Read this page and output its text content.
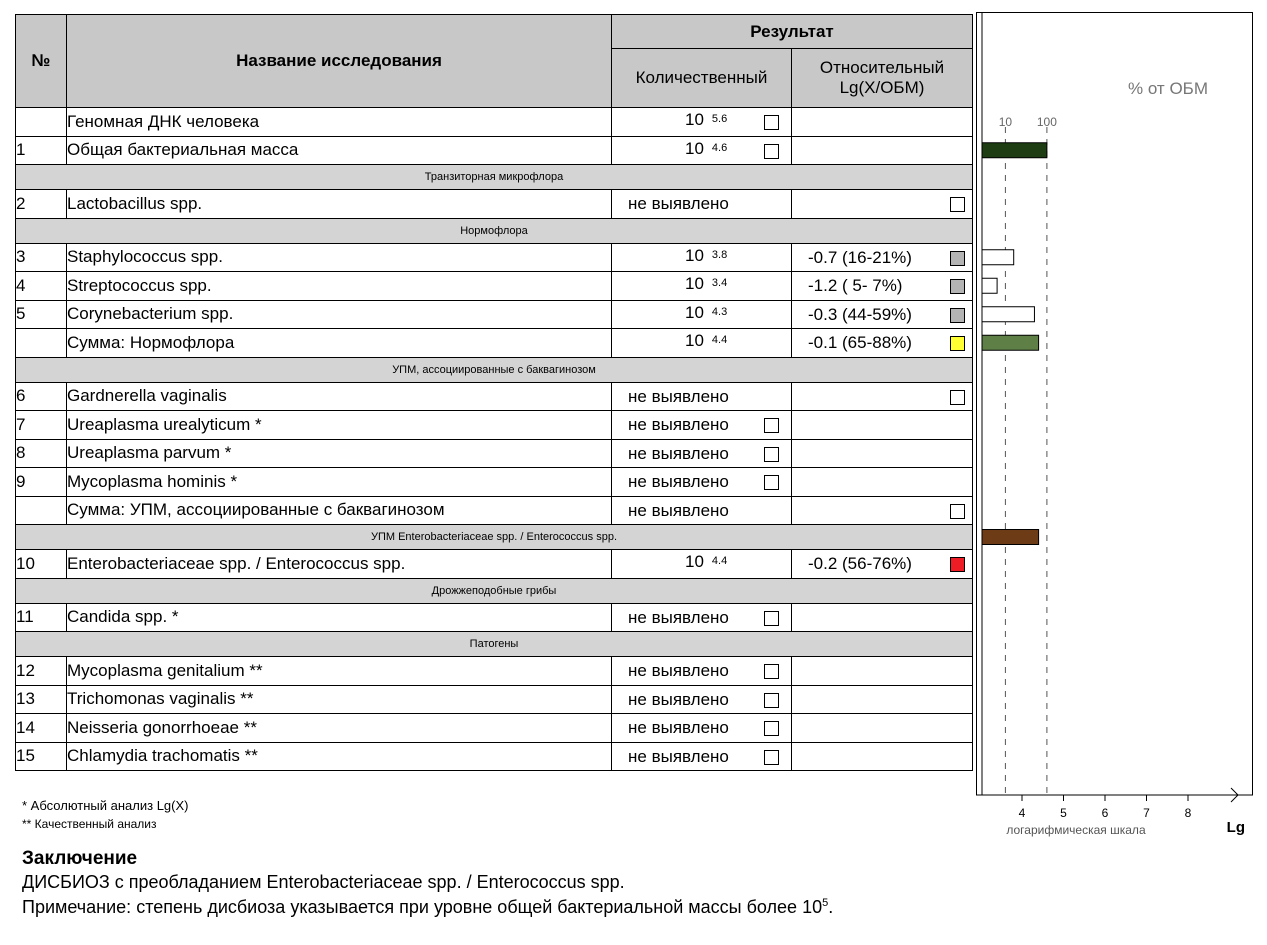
№	Название исследования	Результат	
		Количественный	Относительный
Lg(X/ОБМ)

	Геномная ДНК человека	10 5.6	

1	Общая бактериальная масса	10 4.6	

Транзиторная микрофлора			
2	Lactobacillus spp.	не выявлено	

Нормофлора			
3	Staphylococcus spp.	10 3.8	-0.7 (16-21%)

4	Streptococcus spp.	10 3.4	-1.2 ( 5- 7%)

5	Corynebacterium spp.	10 4.3	-0.3 (44-59%)

	Сумма: Нормофлора	10 4.4	-0.1 (65-88%)

УПМ, ассоциированные с баквагинозом			
6	Gardnerella vaginalis	не выявлено	

7	Ureaplasma urealyticum *	не выявлено	

8	Ureaplasma parvum *	не выявлено	

9	Mycoplasma hominis *	не выявлено	

	Сумма: УПМ, ассоциированные с баквагинозом	не выявлено	

УПМ Enterobacteriaceae spp. / Enterococcus spp.			
10	Enterobacteriaceae spp. / Enterococcus spp.	10 4.4	-0.2 (56-76%)

Дрожжеподобные грибы			
11	Candida spp. *	не выявлено	

Патогены			
12	Mycoplasma genitalium **	не выявлено	

13	Trichomonas vaginalis **	не выявлено	

14	Neisseria gonorrhoeae **	не выявлено	

15	Chlamydia trachomatis **	не выявлено	

* Абсолютный анализ Lg(X)
** Качественный анализ
Заключение
ДИСБИОЗ с преобладанием Enterobacteriaceae spp. / Enterococcus spp.
Примечание: степень дисбиоза указывается при уровне общей бактериальной массы более $10^5$.
% от ОБМ
10 100
4	5	6	7	8
логарифмическая шкала	Lg
